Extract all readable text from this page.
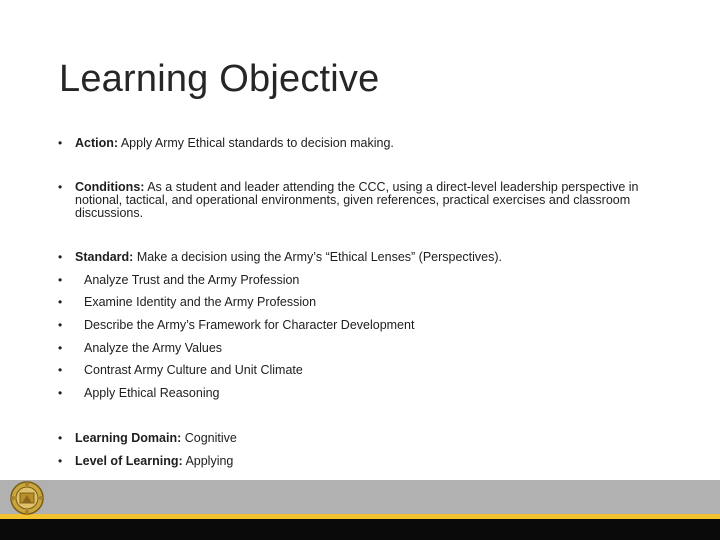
Learning Objective
•	Action: Apply Army Ethical standards to decision making.
•	Conditions: As a student and leader attending the CCC, using a direct-level leadership perspective in notional, tactical, and operational environments, given references, practical exercises and classroom discussions.
•	Standard: Make a decision using the Army’s “Ethical Lenses” (Perspectives).
•	Analyze Trust and the Army Profession
•	Examine Identity and the Army Profession
•	Describe the Army’s Framework for Character Development
•	Analyze the Army Values
•	Contrast Army Culture and Unit Climate
•	Apply Ethical Reasoning
•	Learning Domain: Cognitive
•	Level of Learning: Applying
